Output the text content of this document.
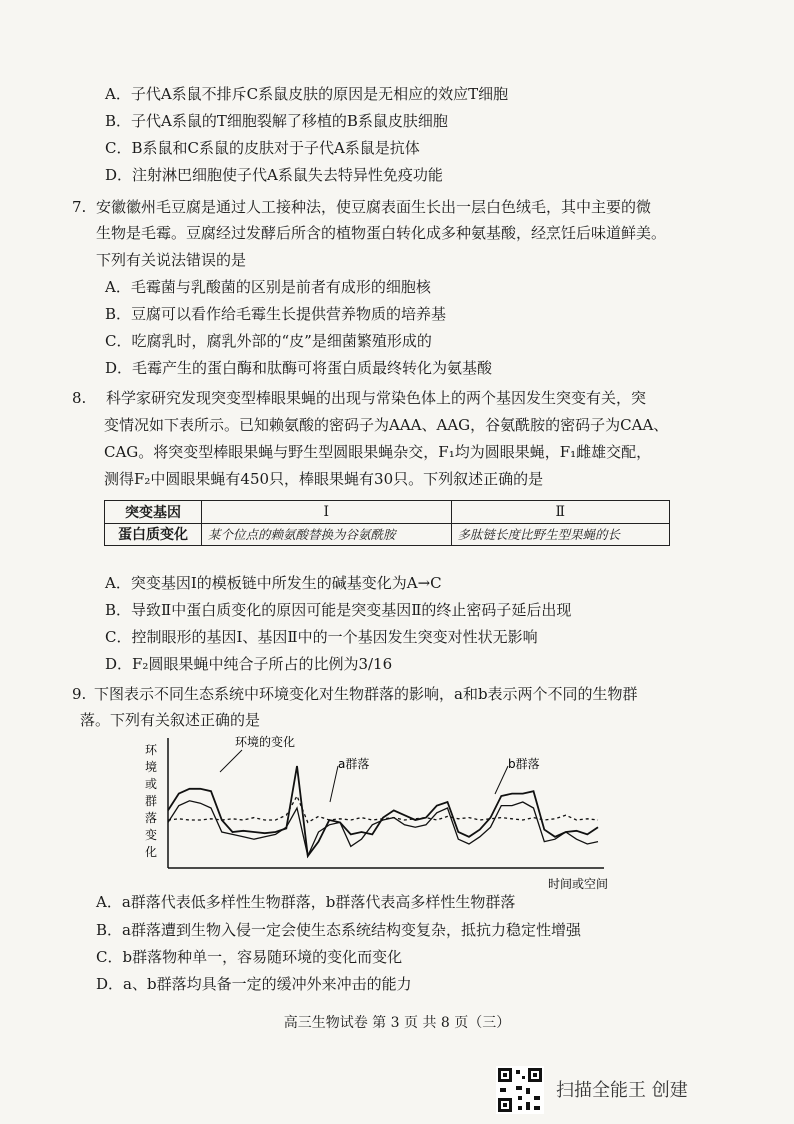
A．子代A系鼠不排斥C系鼠皮肤的原因是无相应的效应T细胞
B．子代A系鼠的T细胞裂解了移植的B系鼠皮肤细胞
C．B系鼠和C系鼠的皮肤对于子代A系鼠是抗体
D．注射淋巴细胞使子代A系鼠失去特异性免疫功能
7. 安徽徽州毛豆腐是通过人工接种法，使豆腐表面生长出一层白色绒毛，其中主要的微
生物是毛霉。豆腐经过发酵后所含的植物蛋白转化成多种氨基酸，经烹饪后味道鲜美。
下列有关说法错误的是
A．毛霉菌与乳酸菌的区别是前者有成形的细胞核
B．豆腐可以看作给毛霉生长提供营养物质的培养基
C．吃腐乳时，腐乳外部的“皮”是细菌繁殖形成的
D．毛霉产生的蛋白酶和肽酶可将蛋白质最终转化为氨基酸
8. 科学家研究发现突变型棒眼果蝇的出现与常染色体上的两个基因发生突变有关，突
变情况如下表所示。已知赖氨酸的密码子为AAA、AAG，谷氨酰胺的密码子为CAA、
CAG。将突变型棒眼果蝇与野生型圆眼果蝇杂交，F₁均为圆眼果蝇，F₁雌雄交配，
测得F₂中圆眼果蝇有450只，棒眼果蝇有30只。下列叙述正确的是
突变基因	Ⅰ	Ⅱ
蛋白质变化	某个位点的赖氨酸替换为谷氨酰胺	多肽链长度比野生型果蝇的长
A．突变基因Ⅰ的模板链中所发生的碱基变化为A→C
B．导致Ⅱ中蛋白质变化的原因可能是突变基因Ⅱ的终止密码子延后出现
C．控制眼形的基因Ⅰ、基因Ⅱ中的一个基因发生突变对性状无影响
D．F₂圆眼果蝇中纯合子所占的比例为3/16
9. 下图表示不同生态系统中环境变化对生物群落的影响，a和b表示两个不同的生物群
落。下列有关叙述正确的是
环
境
或
群
落
变
化
时间或空间
环境的变化
a群落	b群落
A．a群落代表低多样性生物群落，b群落代表高多样性生物群落
B．a群落遭到生物入侵一定会使生态系统结构变复杂，抵抗力稳定性增强
C．b群落物种单一，容易随环境的变化而变化
D．a、b群落均具备一定的缓冲外来冲击的能力
高三生物试卷 第 3 页 共 8 页（三）
扫描全能王 创建
